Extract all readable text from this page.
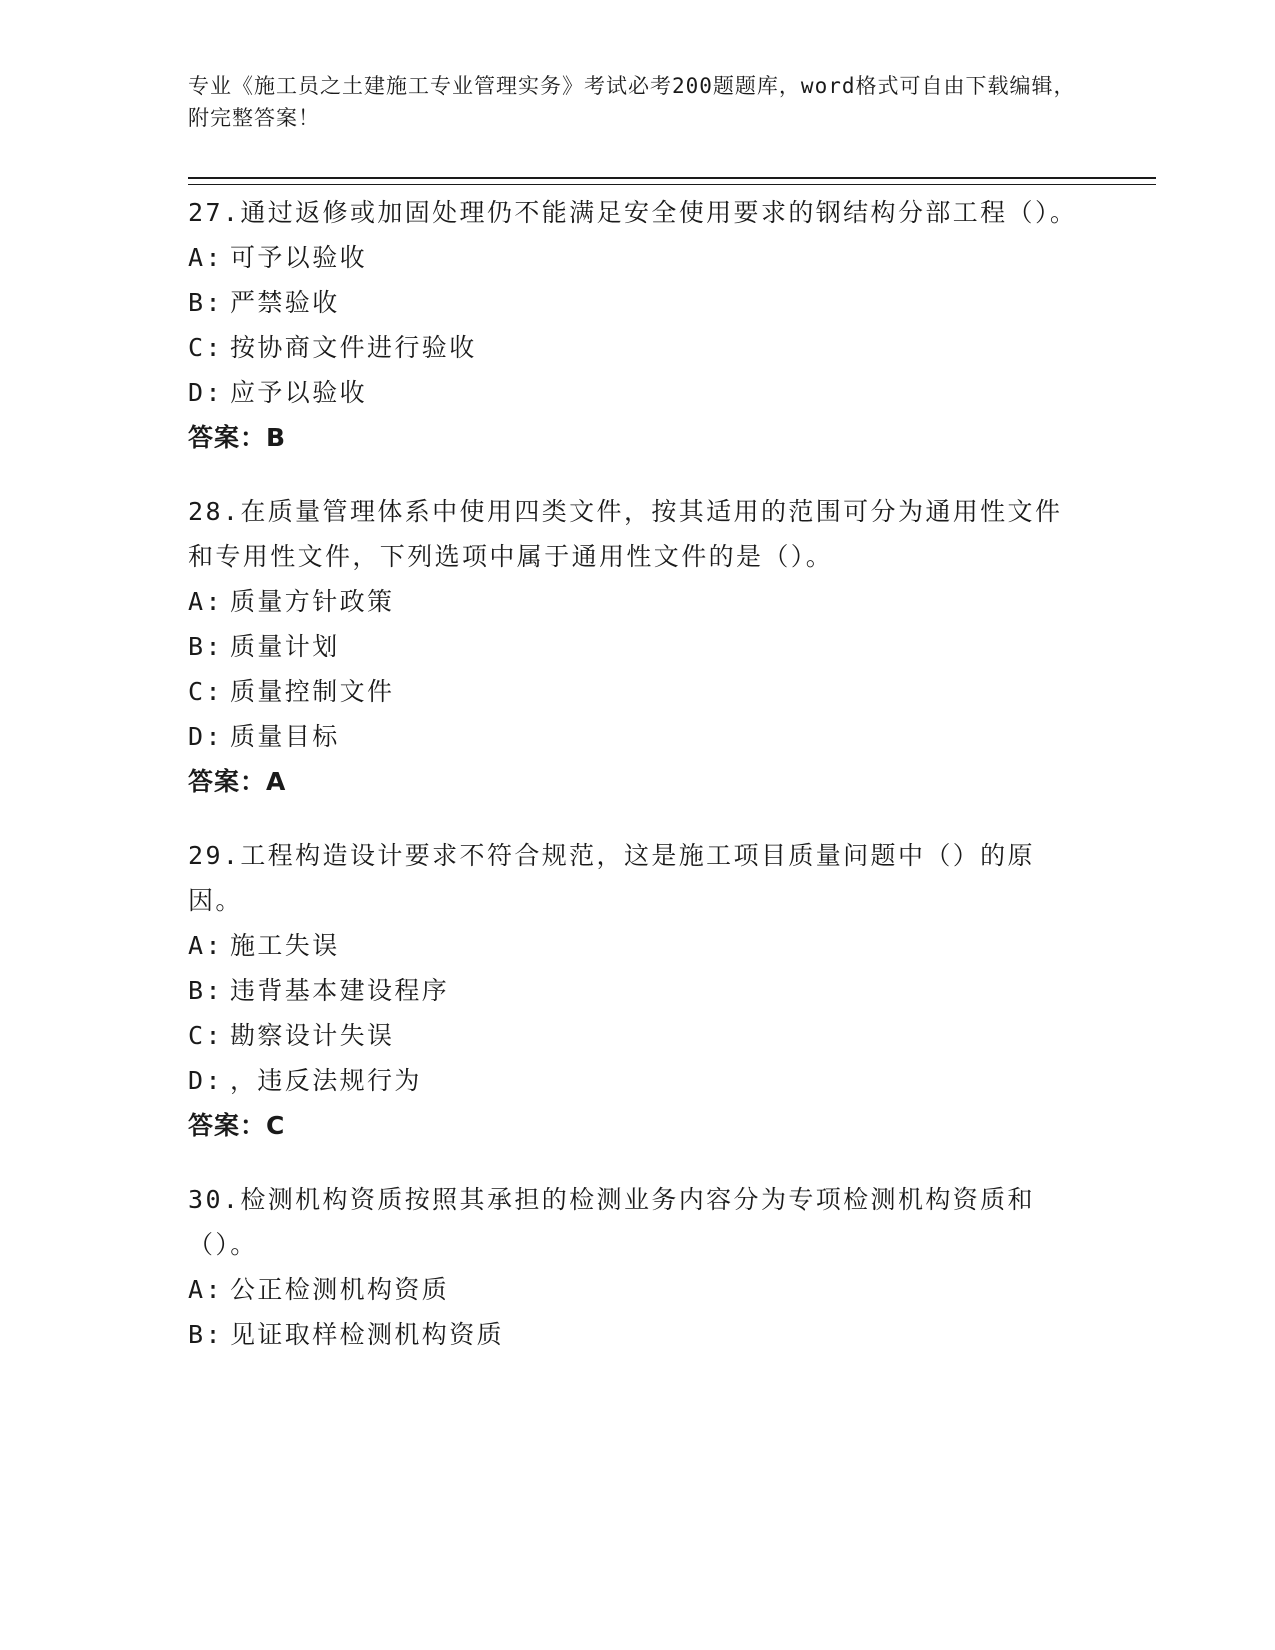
专业《施工员之土建施工专业管理实务》考试必考200题题库，word格式可自由下载编辑，附完整答案！
27.通过返修或加固处理仍不能满足安全使用要求的钢结构分部工程（）。
A: 可予以验收
B: 严禁验收
C: 按协商文件进行验收
D: 应予以验收
答案：B
28.在质量管理体系中使用四类文件，按其适用的范围可分为通用性文件和专用性文件，下列选项中属于通用性文件的是（）。
A: 质量方针政策
B: 质量计划
C: 质量控制文件
D: 质量目标
答案：A
29.工程构造设计要求不符合规范，这是施工项目质量问题中（）的原因。
A: 施工失误
B: 违背基本建设程序
C: 勘察设计失误
D: ，违反法规行为
答案：C
30.检测机构资质按照其承担的检测业务内容分为专项检测机构资质和（）。
A: 公正检测机构资质
B: 见证取样检测机构资质
